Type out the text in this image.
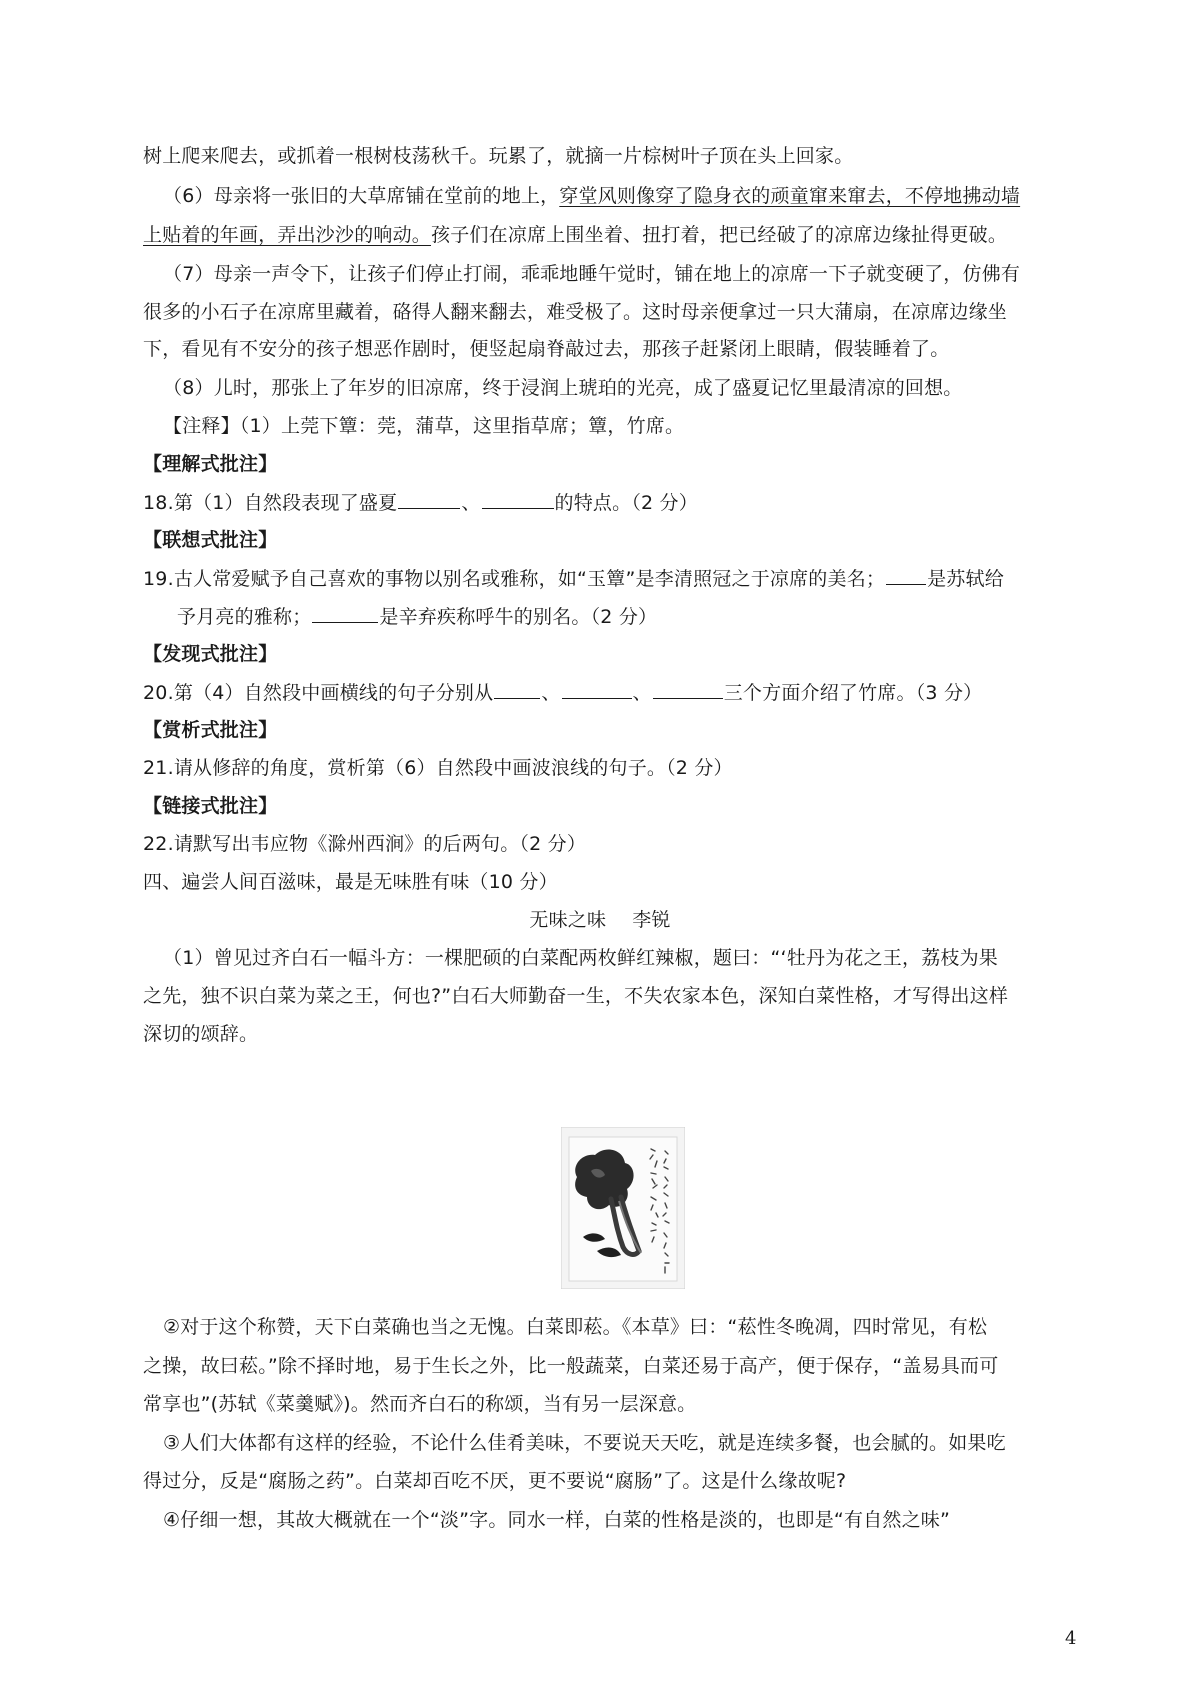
树上爬来爬去，或抓着一根树枝荡秋千。玩累了，就摘一片棕树叶子顶在头上回家。
（6）母亲将一张旧的大草席铺在堂前的地上，穿堂风则像穿了隐身衣的顽童窜来窜去，不停地拂动墙
上贴着的年画，弄出沙沙的响动。孩子们在凉席上围坐着、扭打着，把已经破了的凉席边缘扯得更破。
（7）母亲一声令下，让孩子们停止打闹，乖乖地睡午觉时，铺在地上的凉席一下子就变硬了，仿佛有
很多的小石子在凉席里藏着，硌得人翻来翻去，难受极了。这时母亲便拿过一只大蒲扇，在凉席边缘坐
下，看见有不安分的孩子想恶作剧时，便竖起扇脊敲过去，那孩子赶紧闭上眼睛，假装睡着了。
（8）儿时，那张上了年岁的旧凉席，终于浸润上琥珀的光亮，成了盛夏记忆里最清凉的回想。
【注释】（1）上莞下簟：莞，蒲草，这里指草席；簟，竹席。
【理解式批注】
18.第（1）自然段表现了盛夏	、	的特点。（2 分）
【联想式批注】
19.古人常爱赋予自己喜欢的事物以别名或雅称，如“玉簟”是李清照冠之于凉席的美名； 是苏轼给
予月亮的雅称；	是辛弃疾称呼牛的别名。（2 分）
【发现式批注】
20.第（4）自然段中画横线的句子分别从	、	、	三个方面介绍了竹席。（3 分）
【赏析式批注】
21.请从修辞的角度，赏析第（6）自然段中画波浪线的句子。（2 分）
【链接式批注】
22.请默写出韦应物《滁州西涧》的后两句。（2 分）
四、遍尝人间百滋味，最是无味胜有味（10 分）
无味之味 李锐
（1）曾见过齐白石一幅斗方：一棵肥硕的白菜配两枚鲜红辣椒，题曰：“‘牡丹为花之王，荔枝为果
之先，独不识白菜为菜之王，何也?”白石大师勤奋一生，不失农家本色，深知白菜性格，才写得出这样
深切的颂辞。
②对于这个称赞，天下白菜确也当之无愧。白菜即菘。《本草》曰：“菘性冬晚凋，四时常见，有松
之操，故曰菘。”除不择时地，易于生长之外，比一般蔬菜，白菜还易于高产，便于保存，“盖易具而可
常享也”(苏轼《菜羹赋》)。然而齐白石的称颂，当有另一层深意。
③人们大体都有这样的经验，不论什么佳肴美味，不要说天天吃，就是连续多餐，也会腻的。如果吃
得过分，反是“腐肠之药”。白菜却百吃不厌，更不要说“腐肠”了。这是什么缘故呢?
④仔细一想，其故大概就在一个“淡”字。同水一样，白菜的性格是淡的，也即是“有自然之味”
4
